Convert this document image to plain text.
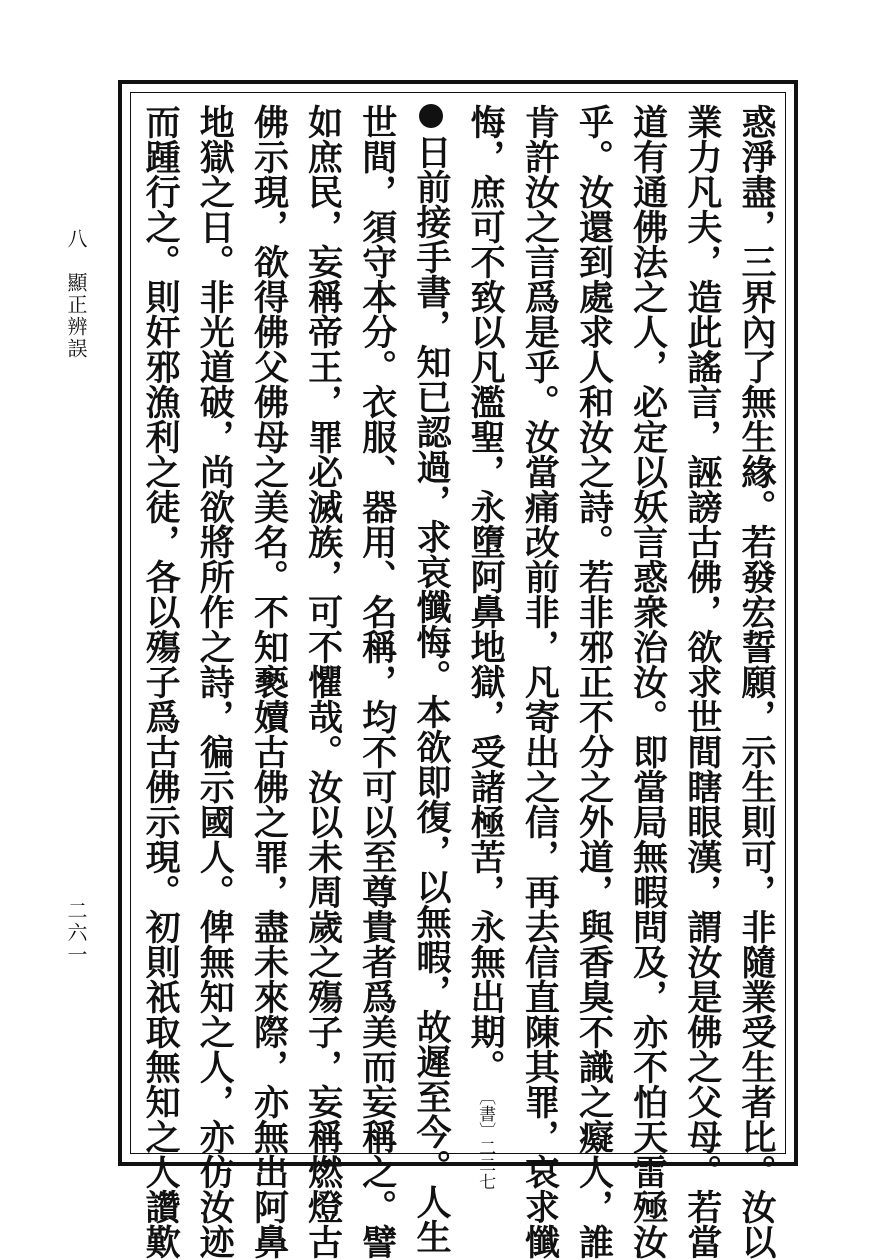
八　顯正辨誤
二六一	惑淨盡，三界內了無生緣。若發宏誓願，示生則可，非隨業受生者比。汝以
業力凡夫，造此謠言，誣謗古佛，欲求世間瞎眼漢，謂汝是佛之父母。若當
道有通佛法之人，必定以妖言惑衆治汝。即當局無暇問及，亦不怕天雷殛汝
乎。汝還到處求人和汝之詩。若非邪正不分之外道，與香臭不識之癡人，誰
肯許汝之言爲是乎。汝當痛改前非，凡寄出之信，再去信直陳其罪，哀求懺
悔，庶可不致以凡濫聖，永墮阿鼻地獄，受諸極苦，永無出期。〔書〕二二七
日前接手書，知已認過，求哀懺悔。本欲即復，以無暇，故遲至今。人生
世間，須守本分。衣服、器用、名稱，均不可以至尊貴者爲美而妄稱之。譬
如庶民，妄稱帝王，罪必滅族，可不懼哉。汝以未周歲之殤子，妄稱燃燈古
佛示現，欲得佛父佛母之美名。不知褻嬻古佛之罪，盡未來際，亦無出阿鼻
地獄之日。非光道破，尚欲將所作之詩，徧示國人。俾無知之人，亦仿汝迹
而踵行之。則奸邪漁利之徒，各以殤子爲古佛示現。初則祇取無知之人讚歎
